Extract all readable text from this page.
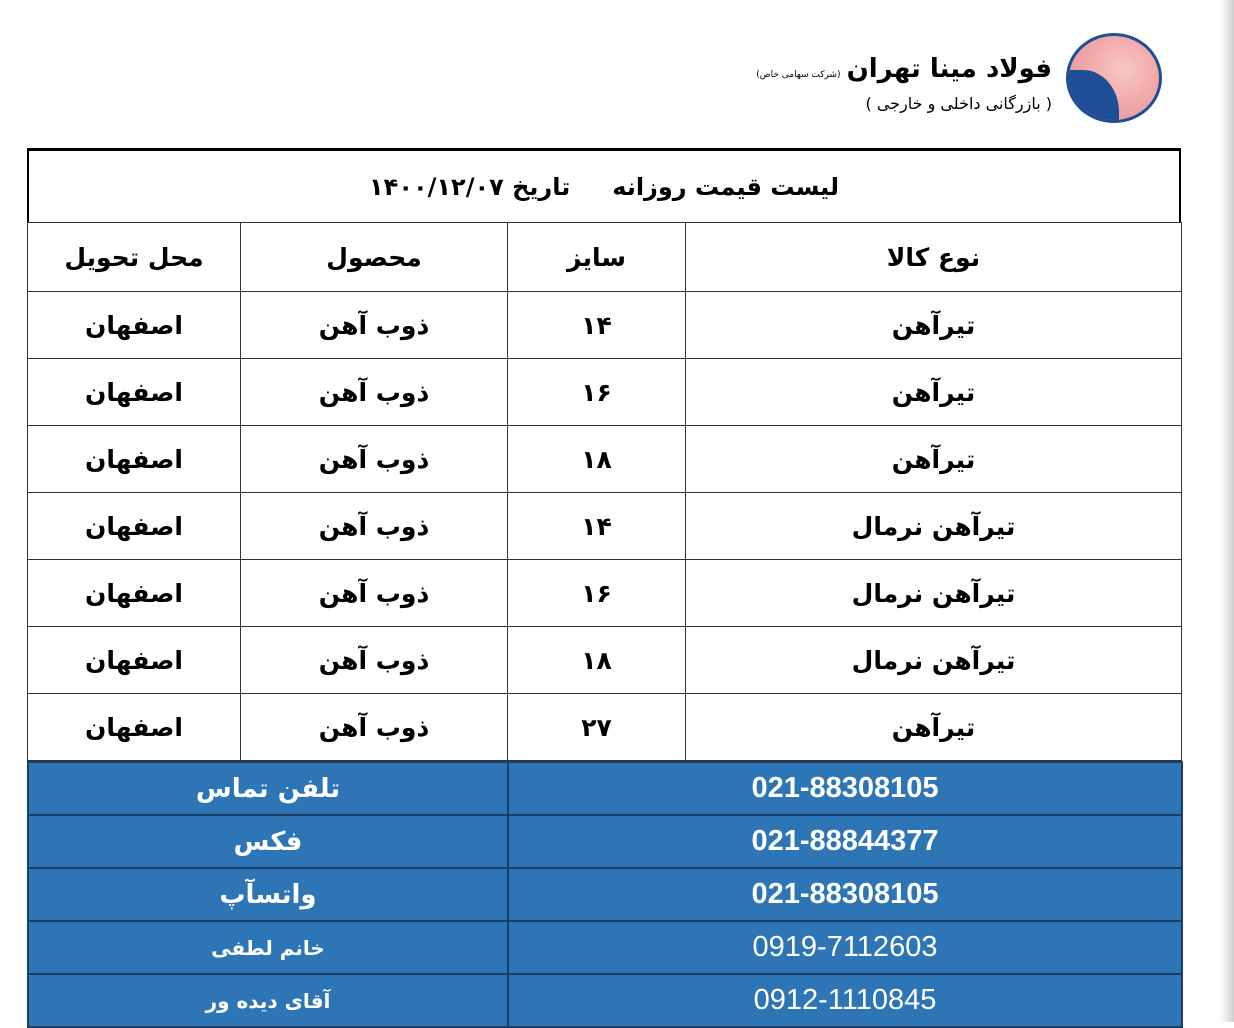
فولاد مینا تهران(شرکت سهامی خاص)
( بازرگانی داخلی و خارجی )
لیست قیمت روزانه
تاریخ ۱۴۰۰/۱۲/۰۷
محل تحویل	محصول	سایز	نوع کالا
اصفهان	ذوب آهن	۱۴	تیرآهن
اصفهان	ذوب آهن	۱۶	تیرآهن
اصفهان	ذوب آهن	۱۸	تیرآهن
اصفهان	ذوب آهن	۱۴	تیرآهن نرمال
اصفهان	ذوب آهن	۱۶	تیرآهن نرمال
اصفهان	ذوب آهن	۱۸	تیرآهن نرمال
اصفهان	ذوب آهن	۲۷	تیرآهن
تلفن تماس	021-88308105
فکس	021-88844377
واتسآپ	021-88308105
خانم لطفی	0919-7112603
آقای دیده ور	0912-1110845
